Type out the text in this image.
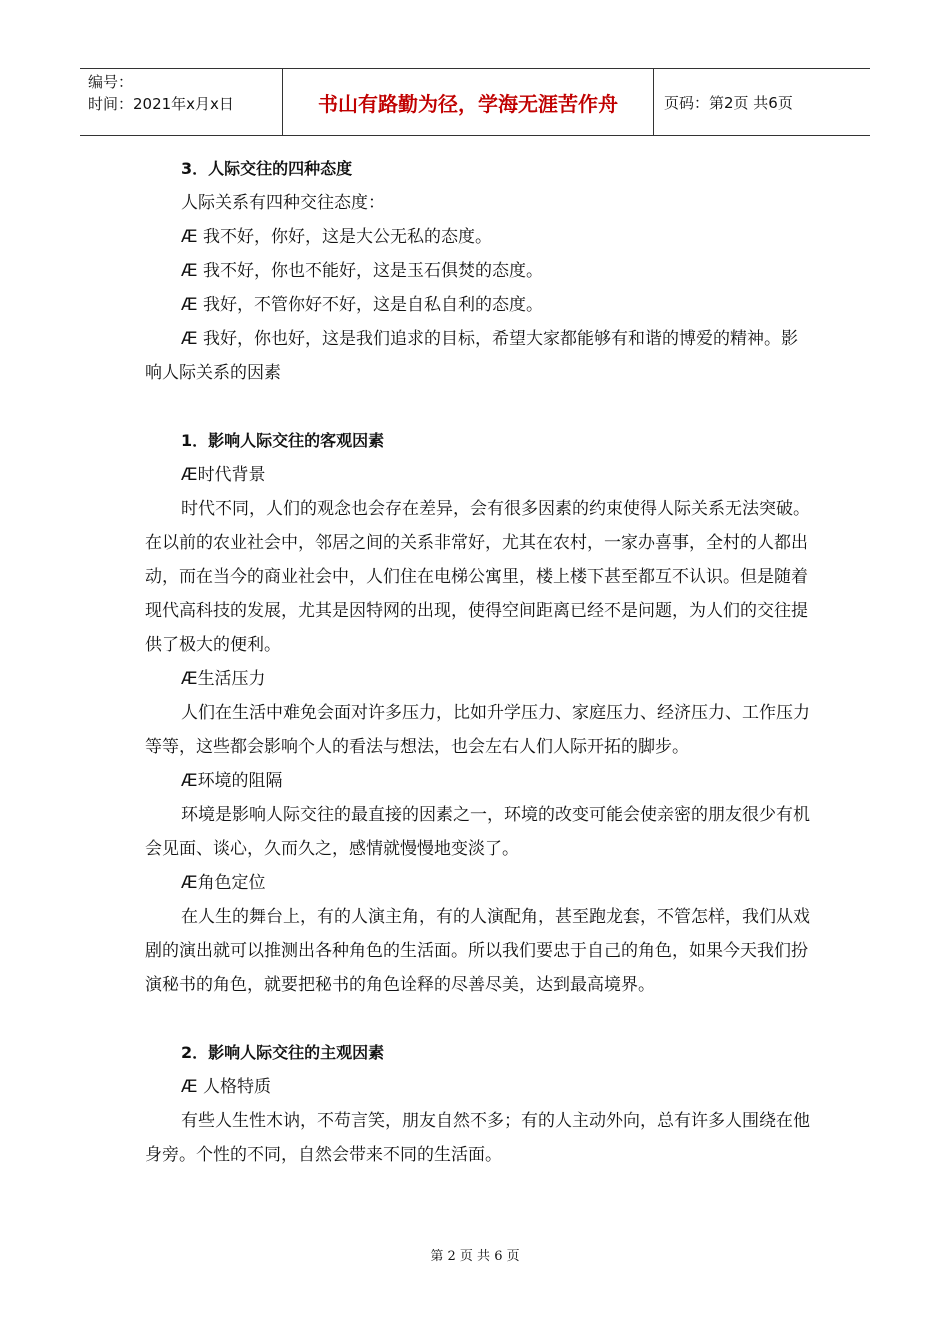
编号：
时间：2021年x月x日	书山有路勤为径，学海无涯苦作舟	页码：第2页 共6页

3．人际交往的四种态度

人际关系有四种交往态度：

Æ 我不好，你好，这是大公无私的态度。

Æ 我不好，你也不能好，这是玉石俱焚的态度。

Æ 我好，不管你好不好，这是自私自利的态度。

Æ 我好，你也好，这是我们追求的目标，希望大家都能够有和谐的博爱的精神。影响人际关系的因素

1．影响人际交往的客观因素

Æ时代背景

时代不同，人们的观念也会存在差异，会有很多因素的约束使得人际关系无法突破。在以前的农业社会中，邻居之间的关系非常好，尤其在农村，一家办喜事，全村的人都出动，而在当今的商业社会中，人们住在电梯公寓里，楼上楼下甚至都互不认识。但是随着现代高科技的发展，尤其是因特网的出现，使得空间距离已经不是问题，为人们的交往提供了极大的便利。

Æ生活压力

人们在生活中难免会面对许多压力，比如升学压力、家庭压力、经济压力、工作压力等等，这些都会影响个人的看法与想法，也会左右人们人际开拓的脚步。

Æ环境的阻隔

环境是影响人际交往的最直接的因素之一，环境的改变可能会使亲密的朋友很少有机会见面、谈心，久而久之，感情就慢慢地变淡了。

Æ角色定位

在人生的舞台上，有的人演主角，有的人演配角，甚至跑龙套，不管怎样，我们从戏剧的演出就可以推测出各种角色的生活面。所以我们要忠于自己的角色，如果今天我们扮演秘书的角色，就要把秘书的角色诠释的尽善尽美，达到最高境界。

2．影响人际交往的主观因素

Æ 人格特质

有些人生性木讷，不苟言笑，朋友自然不多；有的人主动外向，总有许多人围绕在他身旁。个性的不同，自然会带来不同的生活面。

第 2 页 共 6 页
